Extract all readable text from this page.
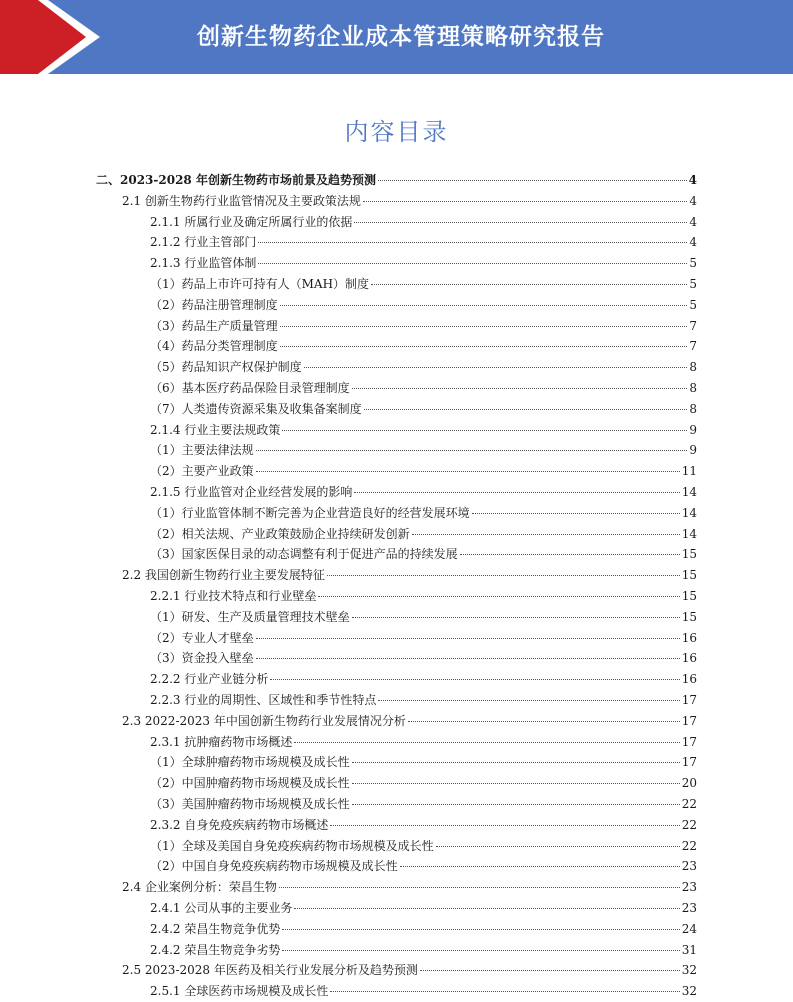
创新生物药企业成本管理策略研究报告
内容目录
二、2023-2028 年创新生物药市场前景及趋势预测	4
2.1 创新生物药行业监管情况及主要政策法规	4
2.1.1 所属行业及确定所属行业的依据	4
2.1.2 行业主管部门	4
2.1.3 行业监管体制	5
（1）药品上市许可持有人（MAH）制度	5
（2）药品注册管理制度	5
（3）药品生产质量管理	7
（4）药品分类管理制度	7
（5）药品知识产权保护制度	8
（6）基本医疗药品保险目录管理制度	8
（7）人类遗传资源采集及收集备案制度	8
2.1.4 行业主要法规政策	9
（1）主要法律法规	9
（2）主要产业政策	11
2.1.5 行业监管对企业经营发展的影响	14
（1）行业监管体制不断完善为企业营造良好的经营发展环境	14
（2）相关法规、产业政策鼓励企业持续研发创新	14
（3）国家医保目录的动态调整有利于促进产品的持续发展	15
2.2 我国创新生物药行业主要发展特征	15
2.2.1 行业技术特点和行业壁垒	15
（1）研发、生产及质量管理技术壁垒	15
（2）专业人才壁垒	16
（3）资金投入壁垒	16
2.2.2 行业产业链分析	16
2.2.3 行业的周期性、区域性和季节性特点	17
2.3 2022-2023 年中国创新生物药行业发展情况分析	17
2.3.1 抗肿瘤药物市场概述	17
（1）全球肿瘤药物市场规模及成长性	17
（2）中国肿瘤药物市场规模及成长性	20
（3）美国肿瘤药物市场规模及成长性	22
2.3.2 自身免疫疾病药物市场概述	22
（1）全球及美国自身免疫疾病药物市场规模及成长性	22
（2）中国自身免疫疾病药物市场规模及成长性	23
2.4 企业案例分析：荣昌生物	23
2.4.1 公司从事的主要业务	23
2.4.2 荣昌生物竞争优势	24
2.4.2 荣昌生物竞争劣势	31
2.5 2023-2028 年医药及相关行业发展分析及趋势预测	32
2.5.1 全球医药市场规模及成长性	32
